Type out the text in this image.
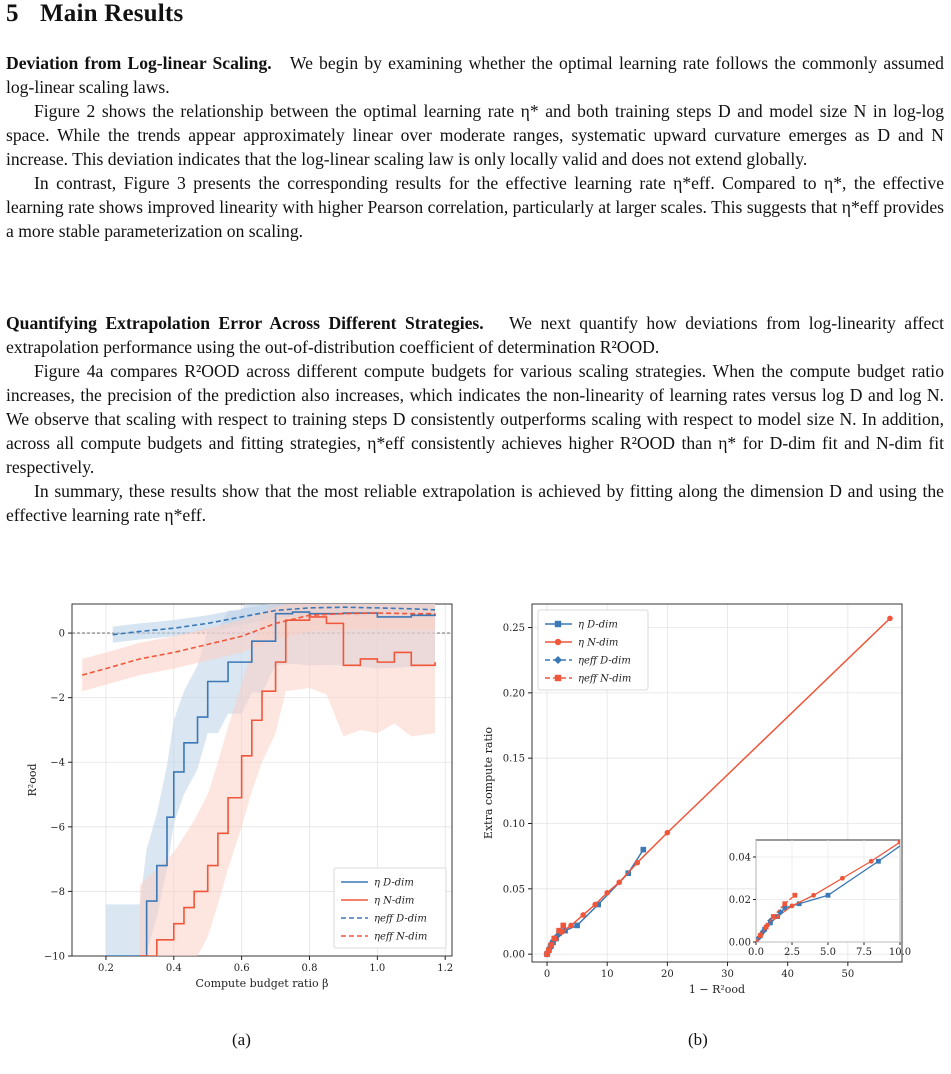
5 Main Results

Deviation from Log-linear Scaling. We begin by examining whether the optimal learning rate follows the commonly assumed log-linear scaling laws.

Figure 2 shows the relationship between the optimal learning rate η* and both training steps D and model size N in log-log space. While the trends appear approximately linear over moderate ranges, systematic upward curvature emerges as D and N increase. This deviation indicates that the log-linear scaling law is only locally valid and does not extend globally.

In contrast, Figure 3 presents the corresponding results for the effective learning rate η*eff. Compared to η*, the effective learning rate shows improved linearity with higher Pearson correlation, particularly at larger scales. This suggests that η*eff provides a more stable parameterization on scaling.

Quantifying Extrapolation Error Across Different Strategies. We next quantify how deviations from log-linearity affect extrapolation performance using the out-of-distribution coefficient of determination R²OOD.

Figure 4a compares R²OOD across different compute budgets for various scaling strategies. When the compute budget ratio increases, the precision of the prediction also increases, which indicates the non-linearity of learning rates versus log D and log N. We observe that scaling with respect to training steps D consistently outperforms scaling with respect to model size N. In addition, across all compute budgets and fitting strategies, η*eff consistently achieves higher R²OOD than η* for D-dim fit and N-dim fit respectively.

In summary, these results show that the most reliable extrapolation is achieved by fitting along the dimension D and using the effective learning rate η*eff.

0.2	0.4	0.6	0.8	1.0	1.2
−10
−8
−6
−4
−2
0
η D-dim
η N-dim
ηeff D-dim
ηeff N-dim
Compute budget ratio β
R²ood
(a)
0	10	20	30	40	50
0.00
0.05
0.10
0.15
0.20
0.25	η D-dim
η N-dim
ηeff D-dim
ηeff N-dim
1 − R²ood
Extra compute ratio
0.0 2.5 5.0 7.5 10.0
0.00
0.02
0.04
(b)
